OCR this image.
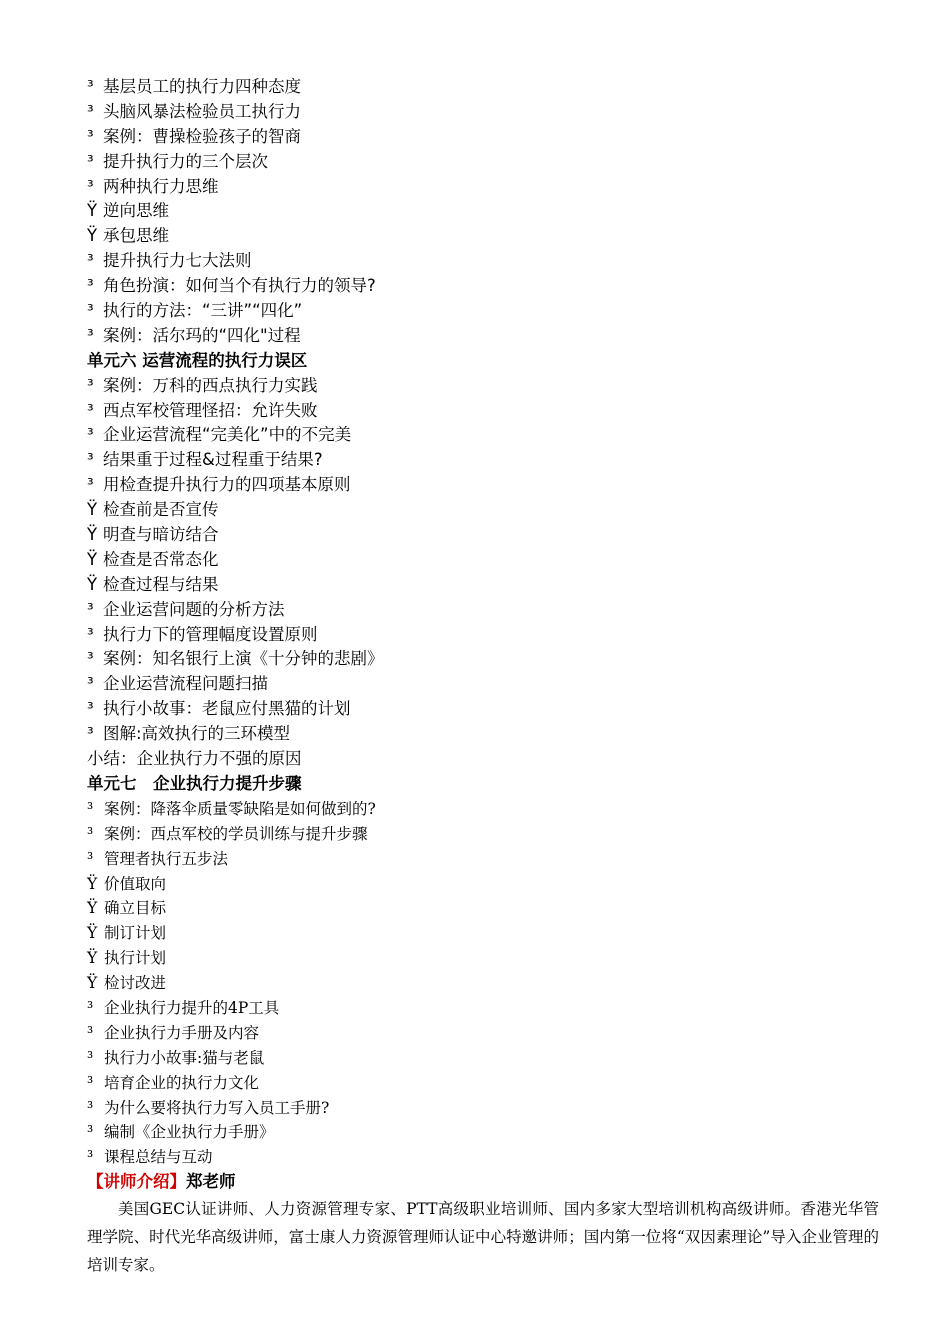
³ 基层员工的执行力四种态度
³ 头脑风暴法检验员工执行力
³ 案例：曹操检验孩子的智商
³ 提升执行力的三个层次
³ 两种执行力思维
Ÿ 逆向思维
Ÿ 承包思维
³ 提升执行力七大法则
³ 角色扮演：如何当个有执行力的领导?
³ 执行的方法：“三讲”“四化”
³ 案例：活尔玛的“四化"过程
单元六 运营流程的执行力误区
³ 案例：万科的西点执行力实践
³ 西点军校管理怪招：允许失败
³ 企业运营流程“完美化”中的不完美
³ 结果重于过程&过程重于结果?
³ 用检查提升执行力的四项基本原则
Ÿ 检查前是否宣传
Ÿ 明查与暗访结合
Ÿ 检查是否常态化
Ÿ 检查过程与结果
³ 企业运营问题的分析方法
³ 执行力下的管理幅度设置原则
³ 案例：知名银行上演《十分钟的悲剧》
³ 企业运营流程问题扫描
³ 执行小故事：老鼠应付黑猫的计划
³ 图解:高效执行的三环模型
小结：企业执行力不强的原因
单元七　企业执行力提升步骤
³ 案例：降落伞质量零缺陷是如何做到的?
³ 案例：西点军校的学员训练与提升步骤
³ 管理者执行五步法
Ÿ 价值取向
Ÿ 确立目标
Ÿ 制订计划
Ÿ 执行计划
Ÿ 检讨改进
³ 企业执行力提升的4P工具
³ 企业执行力手册及内容
³ 执行力小故事:猫与老鼠
³ 培育企业的执行力文化
³ 为什么要将执行力写入员工手册?
³ 编制《企业执行力手册》
³ 课程总结与互动
【讲师介绍】郑老师

美国GEC认证讲师、人力资源管理专家、PTT高级职业培训师、国内多家大型培训机构高级讲师。香港光华管理学院、时代光华高级讲师，富士康人力资源管理师认证中心特邀讲师；国内第一位将“双因素理论”导入企业管理的培训专家。
